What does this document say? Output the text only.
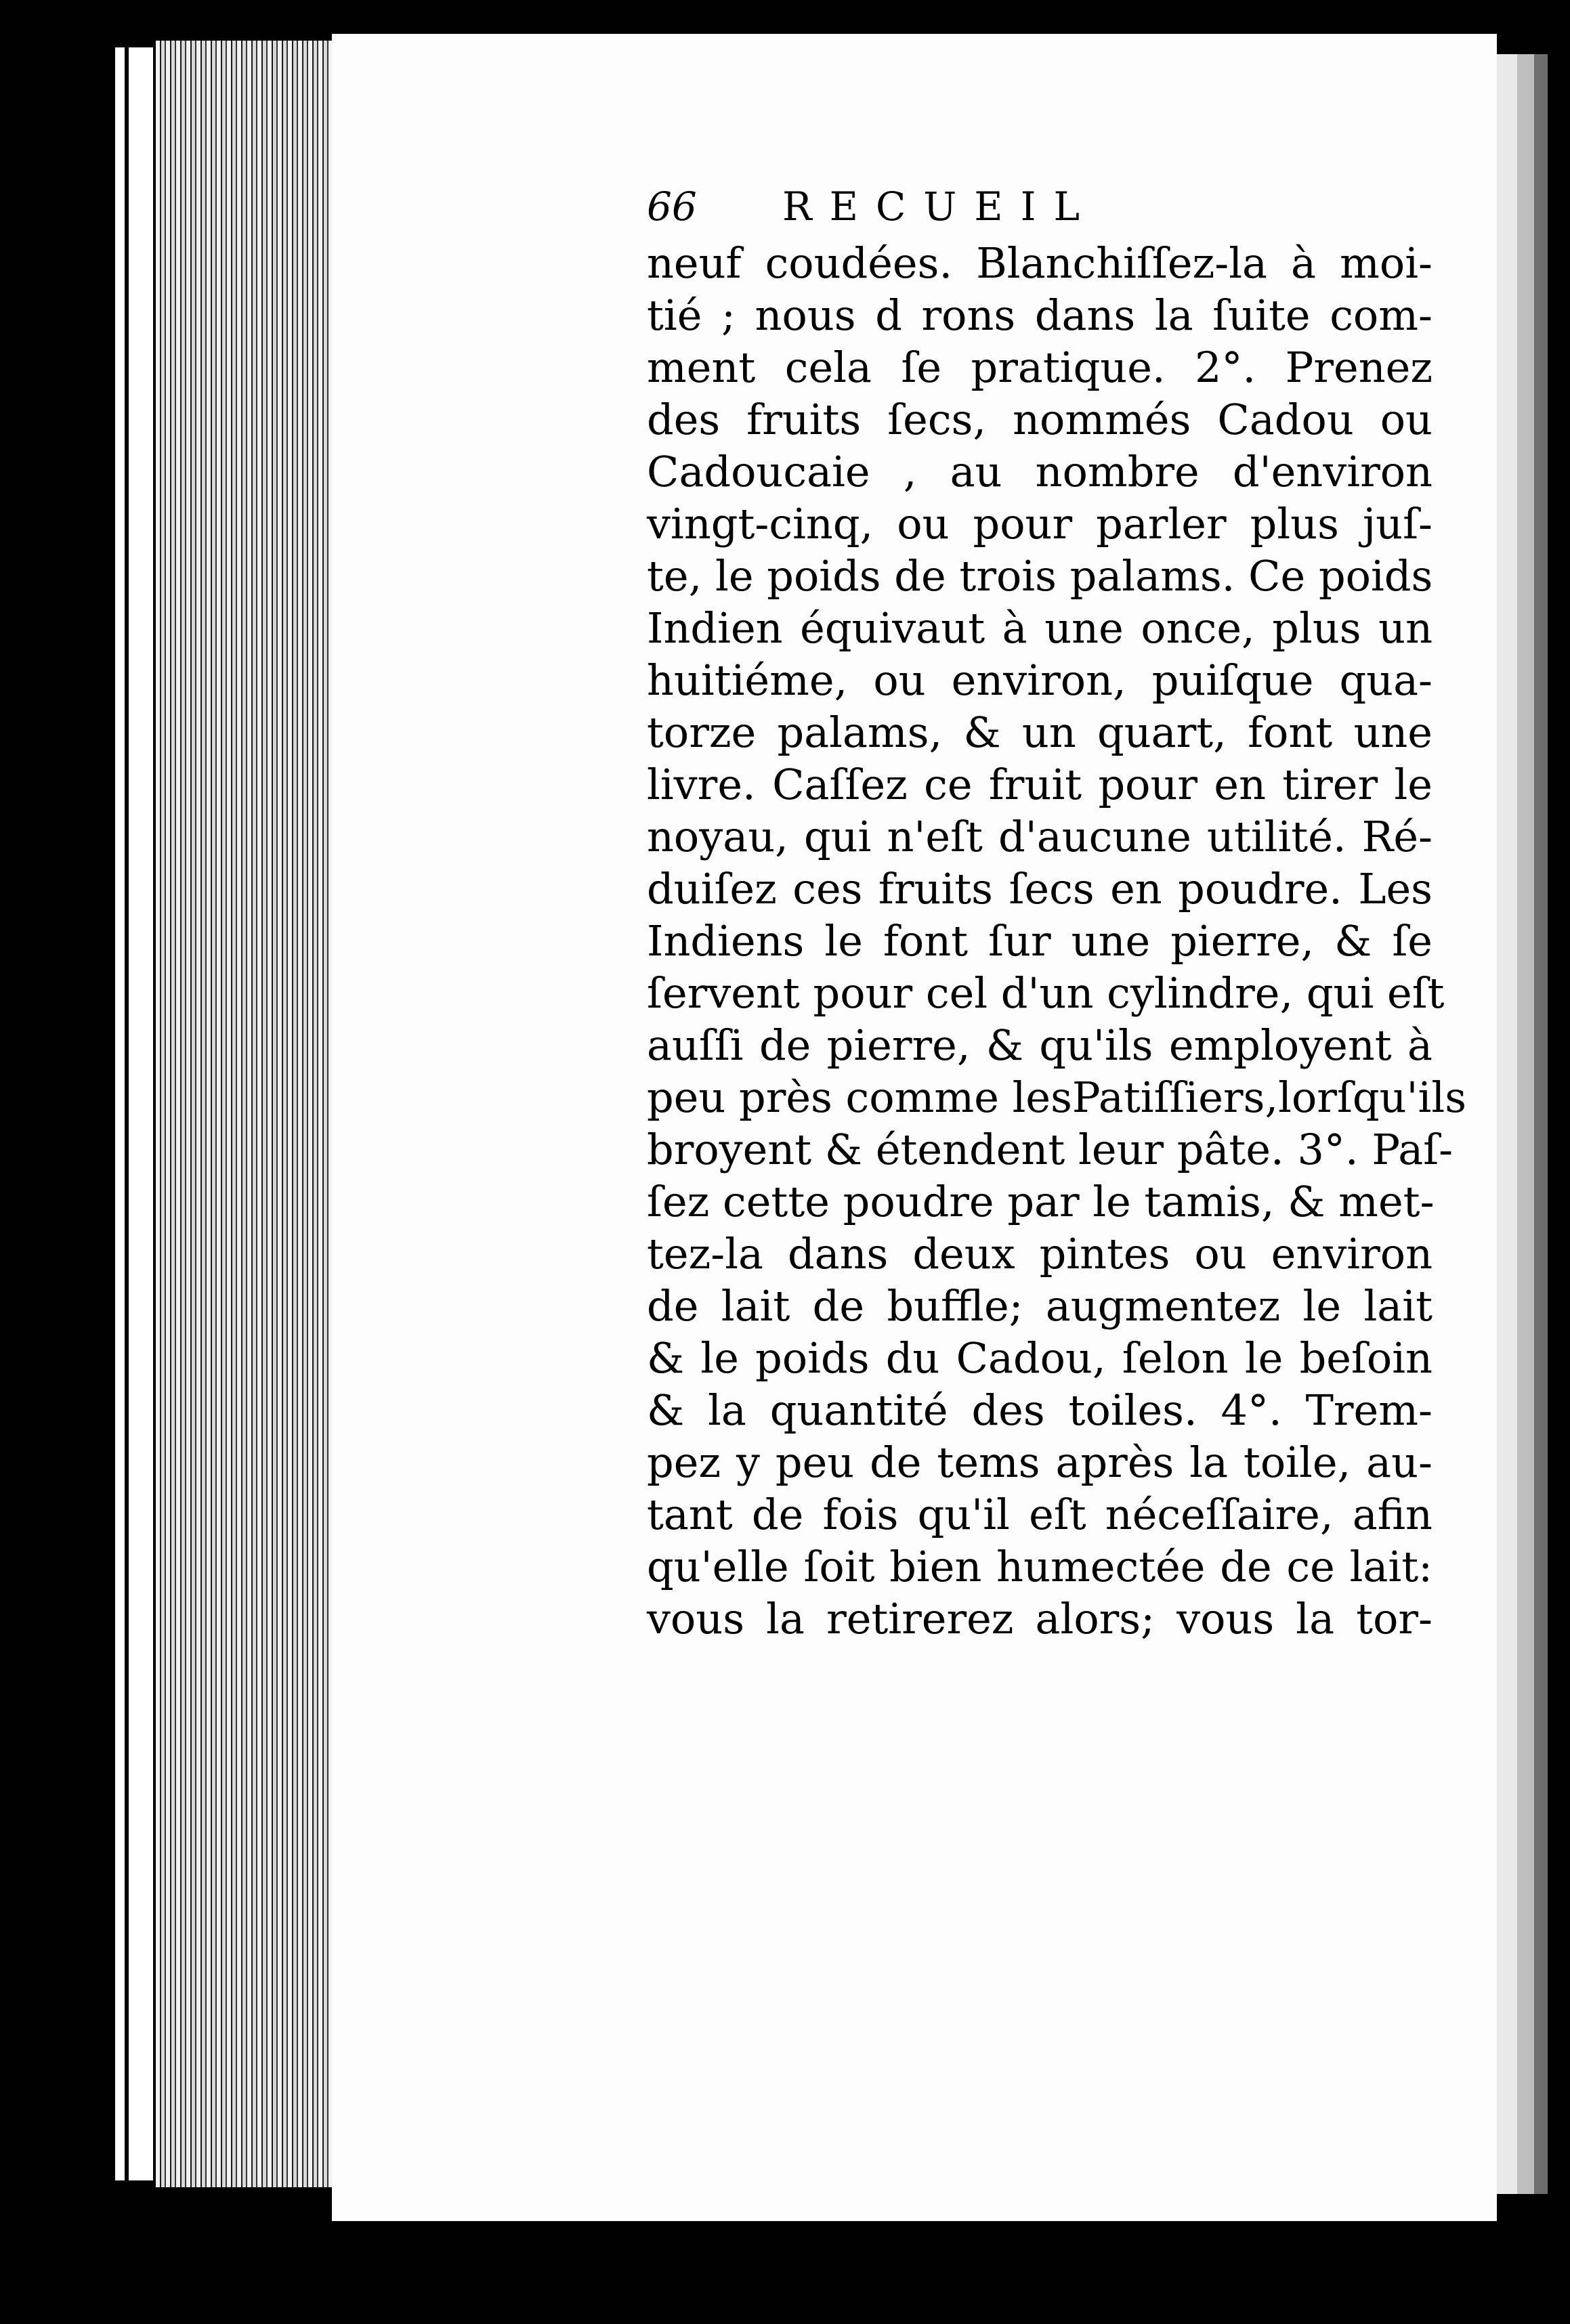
66	RECUEIL
neuf coudées. Blanchiſſez-la à moi-
tié ; nous d rons dans la ſuite com-
ment cela ſe pratique. 2°. Prenez
des fruits ſecs, nommés Cadou ou
Cadoucaie , au nombre d'environ
vingt-cinq, ou pour parler plus juſ-
te, le poids de trois palams. Ce poids
Indien équivaut à une once, plus un
huitiéme, ou environ, puiſque qua-
torze palams, & un quart, font une
livre. Caſſez ce fruit pour en tirer le
noyau, qui n'eſt d'aucune utilité. Ré-
duiſez ces fruits ſecs en poudre. Les
Indiens le font ſur une pierre, & ſe
ſervent pour cel d'un cylindre, qui eſt
auſſi de pierre, & qu'ils employent à
peu près comme lesPatiſſiers,lorſqu'ils
broyent & étendent leur pâte. 3°. Paſ-
ſez cette poudre par le tamis, & met-
tez-la dans deux pintes ou environ
de lait de buffle; augmentez le lait
& le poids du Cadou, ſelon le beſoin
& la quantité des toiles. 4°. Trem-
pez y peu de tems après la toile, au-
tant de fois qu'il eſt néceſſaire, afin
qu'elle ſoit bien humectée de ce lait:
vous la retirerez alors; vous la tor-
